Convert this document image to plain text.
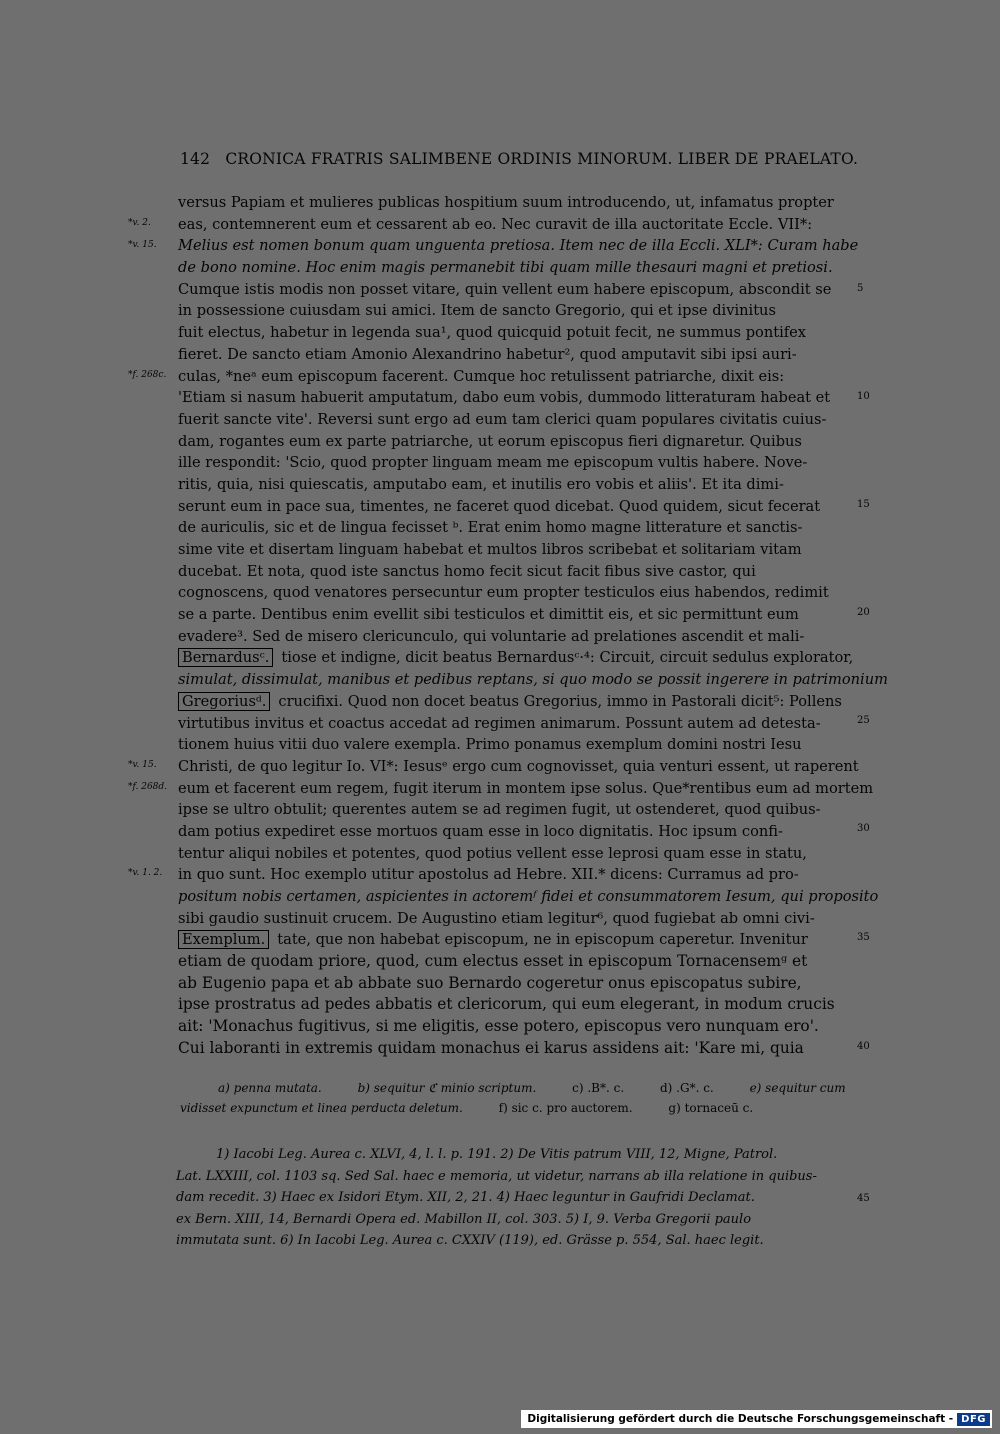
142 CRONICA FRATRIS SALIMBENE ORDINIS MINORUM. LIBER DE PRAELATO.
versus Papiam et mulieres publicas hospitium suum introducendo, ut, infamatus propter
eas, contemnerent eum et cessarent ab eo. Nec curavit de illa auctoritate Eccle. VII*:
Melius est nomen bonum quam unguenta pretiosa. Item nec de illa Eccli. XLI*: Curam habe
de bono nomine. Hoc enim magis permanebit tibi quam mille thesauri magni et pretiosi.
Cumque istis modis non posset vitare, quin vellent eum habere episcopum, abscondit se
in possessione cuiusdam sui amici. Item de sancto Gregorio, qui et ipse divinitus
fuit electus, habetur in legenda sua¹, quod quicquid potuit fecit, ne summus pontifex
fieret. De sancto etiam Amonio Alexandrino habetur², quod amputavit sibi ipsi auri-
culas, *neᵃ eum episcopum facerent. Cumque hoc retulissent patriarche, dixit eis:
'Etiam si nasum habuerit amputatum, dabo eum vobis, dummodo litteraturam habeat et
fuerit sancte vite'. Reversi sunt ergo ad eum tam clerici quam populares civitatis cuius-
dam, rogantes eum ex parte patriarche, ut eorum episcopus fieri dignaretur. Quibus
ille respondit: 'Scio, quod propter linguam meam me episcopum vultis habere. Nove-
ritis, quia, nisi quiescatis, amputabo eam, et inutilis ero vobis et aliis'. Et ita dimi-
serunt eum in pace sua, timentes, ne faceret quod dicebat. Quod quidem, sicut fecerat
de auriculis, sic et de lingua fecisset ᵇ. Erat enim homo magne litterature et sanctis-
sime vite et disertam linguam habebat et multos libros scribebat et solitariam vitam
ducebat. Et nota, quod iste sanctus homo fecit sicut facit fibus sive castor, qui
cognoscens, quod venatores persecuntur eum propter testiculos eius habendos, redimit
se a parte. Dentibus enim evellit sibi testiculos et dimittit eis, et sic permittunt eum
evadere³. Sed de misero clericunculo, qui voluntarie ad prelationes ascendit et mali-
Bernardusᶜ. tiose et indigne, dicit beatus Bernardusᶜ·⁴: Circuit, circuit sedulus explorator,
simulat, dissimulat, manibus et pedibus reptans, si quo modo se possit ingerere in patrimonium
Gregoriusᵈ. crucifixi. Quod non docet beatus Gregorius, immo in Pastorali dicit⁵: Pollens
virtutibus invitus et coactus accedat ad regimen animarum. Possunt autem ad detesta-
tionem huius vitii duo valere exempla. Primo ponamus exemplum domini nostri Iesu
Christi, de quo legitur Io. VI*: Iesusᵉ ergo cum cognovisset, quia venturi essent, ut raperent
eum et facerent eum regem, fugit iterum in montem ipse solus. Que*rentibus eum ad mortem
ipse se ultro obtulit; querentes autem se ad regimen fugit, ut ostenderet, quod quibus-
dam potius expediret esse mortuos quam esse in loco dignitatis. Hoc ipsum confi-
tentur aliqui nobiles et potentes, quod potius vellent esse leprosi quam esse in statu,
in quo sunt. Hoc exemplo utitur apostolus ad Hebre. XII.* dicens: Curramus ad pro-
positum nobis certamen, aspicientes in actoremᶠ fidei et consummatorem Iesum, qui proposito
sibi gaudio sustinuit crucem. De Augustino etiam legitur⁶, quod fugiebat ab omni civi-
Exemplum. tate, que non habebat episcopum, ne in episcopum caperetur. Invenitur
etiam de quodam priore, quod, cum electus esset in episcopum Tornacensemᵍ et
ab Eugenio papa et ab abbate suo Bernardo cogeretur onus episcopatus subire,
ipse prostratus ad pedes abbatis et clericorum, qui eum elegerant, in modum crucis
ait: 'Monachus fugitivus, si me eligitis, esse potero, episcopus vero nunquam ero'.
Cui laboranti in extremis quidam monachus ei karus assidens ait: 'Kare mi, quia
*v. 2.
*v. 15.
*f. 268c.
*v. 15.
*f. 268d.
*v. 1. 2.
5
10
15
20
25
30
35
40
45
a) penna mutata.	b) sequitur ℭ minio scriptum.	c) .B*. c.	d) .G*. c.	e) sequitur cum
vidisset expunctum et linea perducta deletum.	f) sic c. pro auctorem.	g) tornaceū c.
1) Iacobi Leg. Aurea c. XLVI, 4, l. l. p. 191. 2) De Vitis patrum VIII, 12, Migne, Patrol.
Lat. LXXIII, col. 1103 sq. Sed Sal. haec e memoria, ut videtur, narrans ab illa relatione in quibus-
dam recedit. 3) Haec ex Isidori Etym. XII, 2, 21. 4) Haec leguntur in Gaufridi Declamat.
ex Bern. XIII, 14, Bernardi Opera ed. Mabillon II, col. 303. 5) I, 9. Verba Gregorii paulo
immutata sunt. 6) In Iacobi Leg. Aurea c. CXXIV (119), ed. Grässe p. 554, Sal. haec legit.
Digitalisierung gefördert durch die Deutsche Forschungsgemeinschaft - DFG
